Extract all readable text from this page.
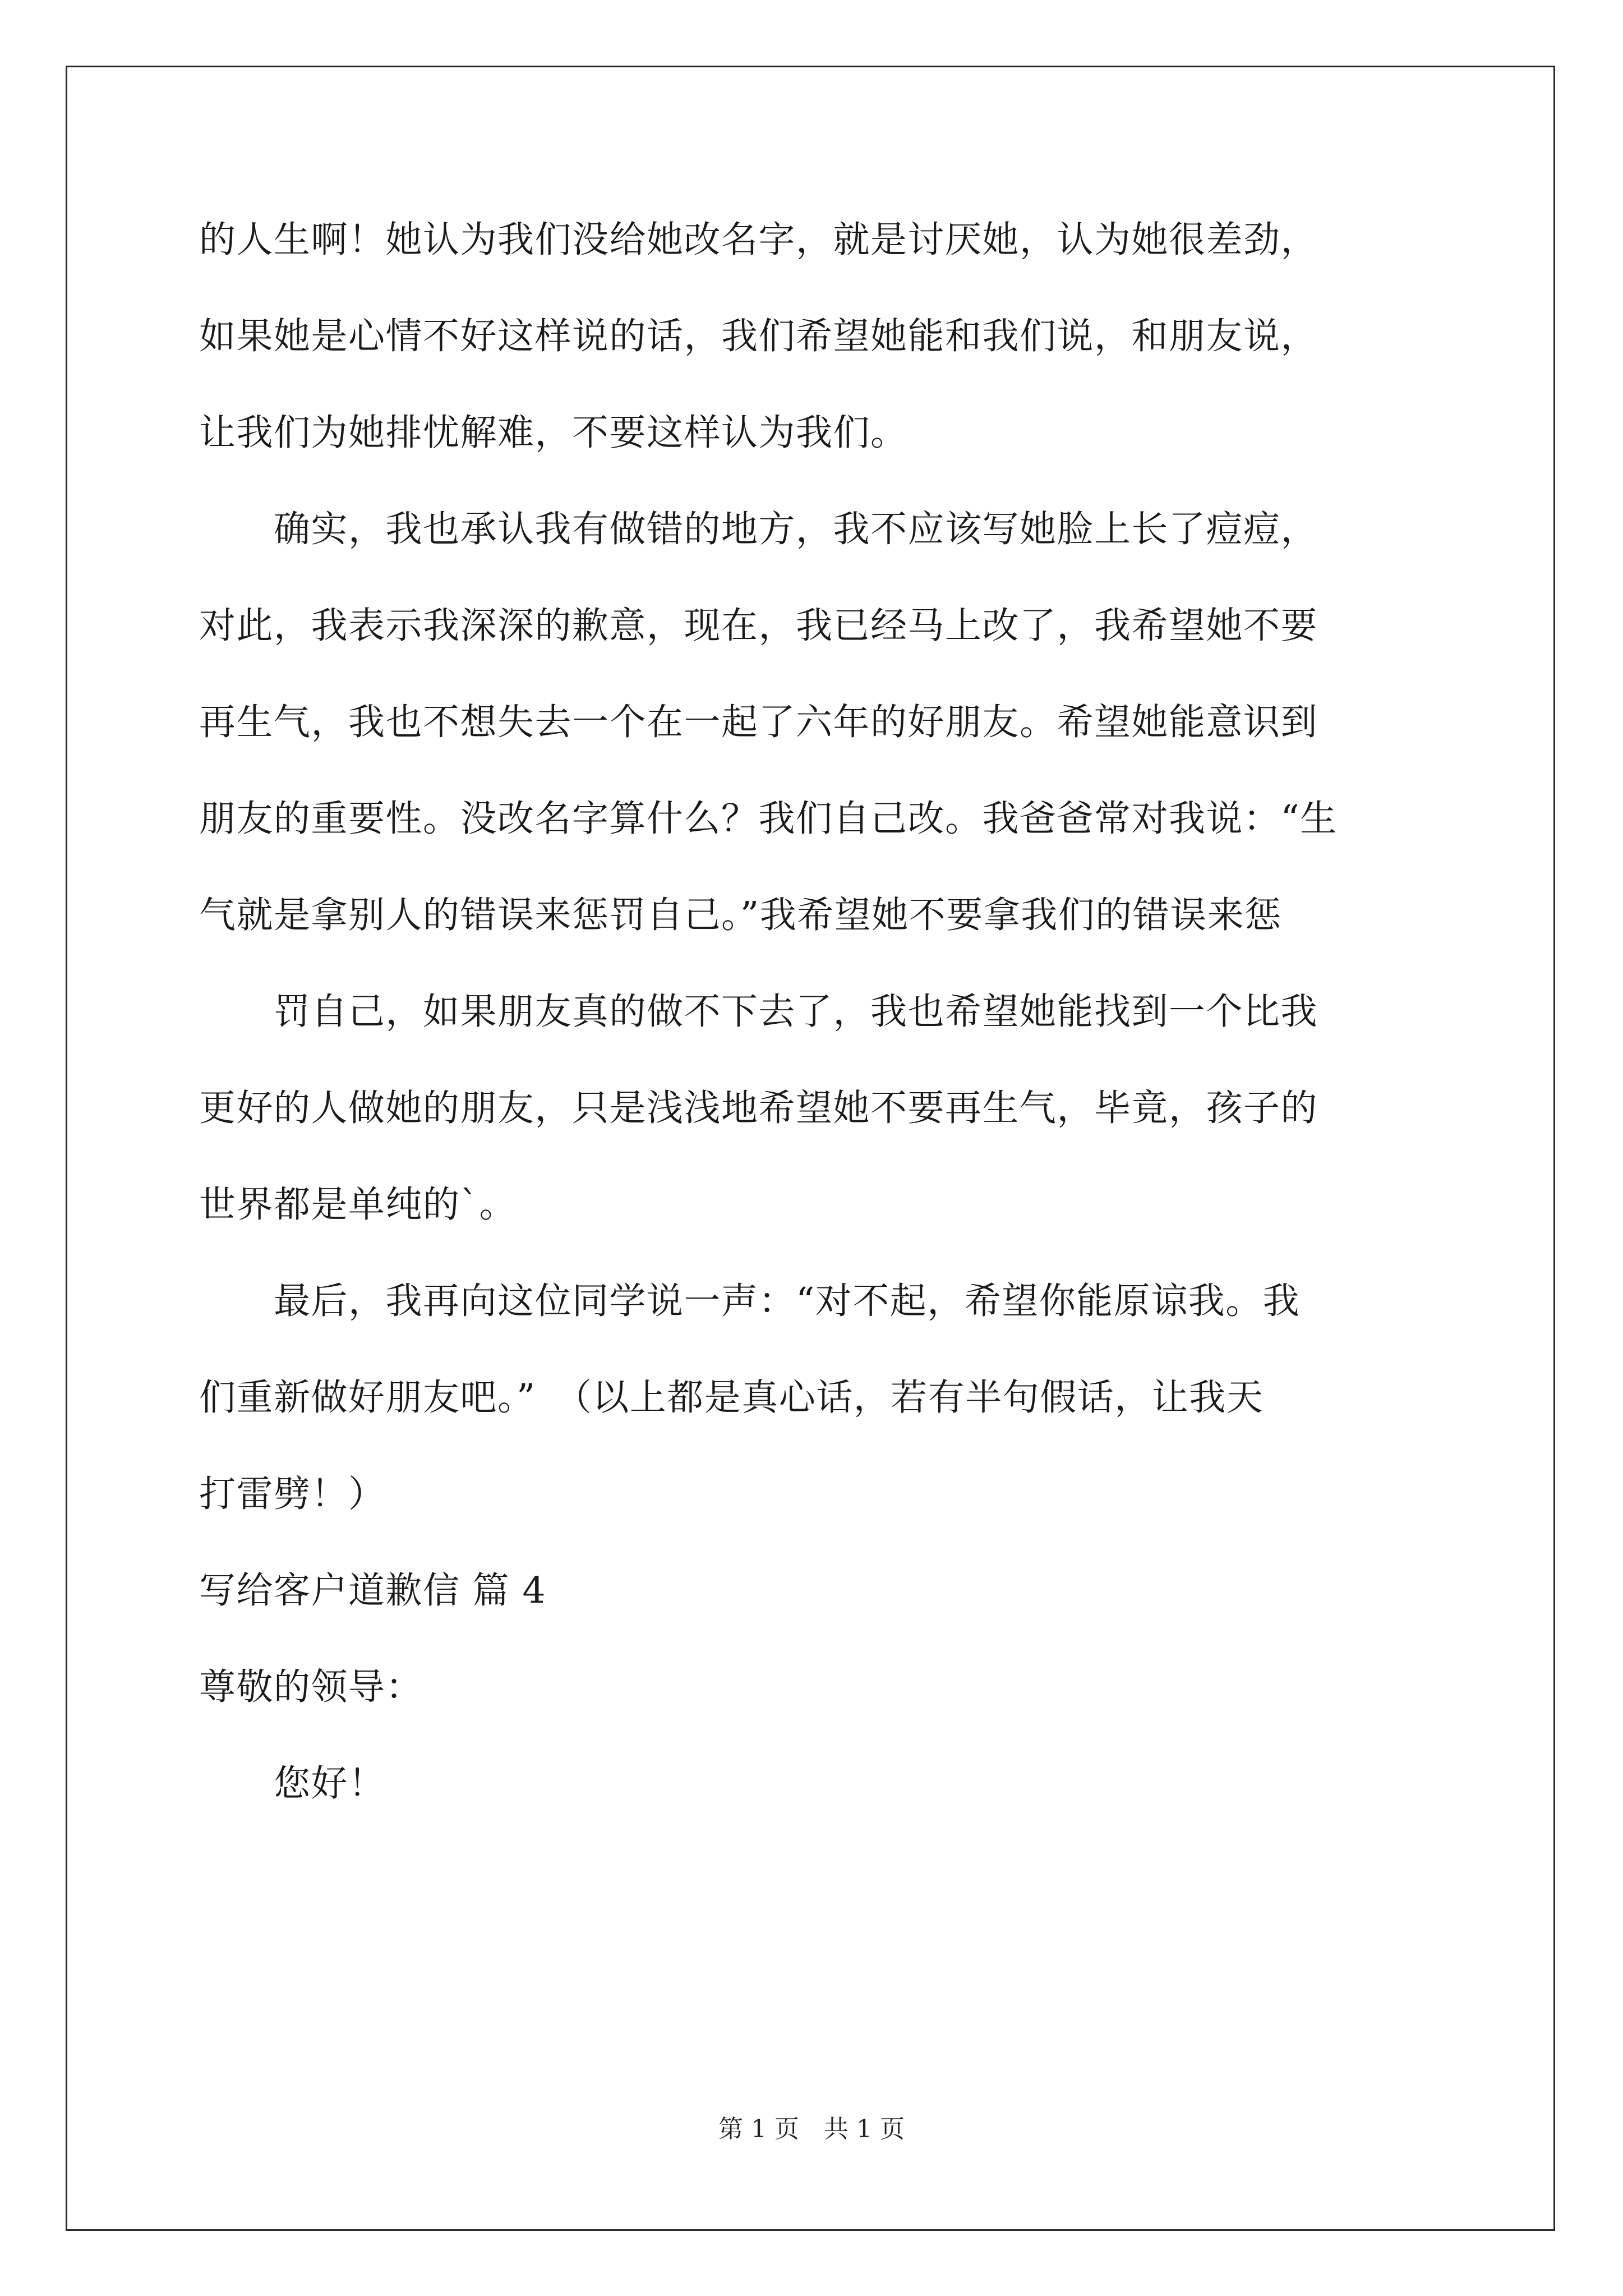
的人生啊！她认为我们没给她改名字，就是讨厌她，认为她很差劲，
如果她是心情不好这样说的话，我们希望她能和我们说，和朋友说，
让我们为她排忧解难，不要这样认为我们。
　　确实，我也承认我有做错的地方，我不应该写她脸上长了痘痘，
对此，我表示我深深的歉意，现在，我已经马上改了，我希望她不要
再生气，我也不想失去一个在一起了六年的好朋友。希望她能意识到
朋友的重要性。没改名字算什么？我们自己改。我爸爸常对我说：“生
气就是拿别人的错误来惩罚自己。”我希望她不要拿我们的错误来惩
　　罚自己，如果朋友真的做不下去了，我也希望她能找到一个比我
更好的人做她的朋友，只是浅浅地希望她不要再生气，毕竟，孩子的
世界都是单纯的`。
　　最后，我再向这位同学说一声：“对不起，希望你能原谅我。我
们重新做好朋友吧。”　（以上都是真心话，若有半句假话，让我天
打雷劈！）
写给客户道歉信 篇 4
尊敬的领导：
　　您好！
第 1 页　共 1 页
